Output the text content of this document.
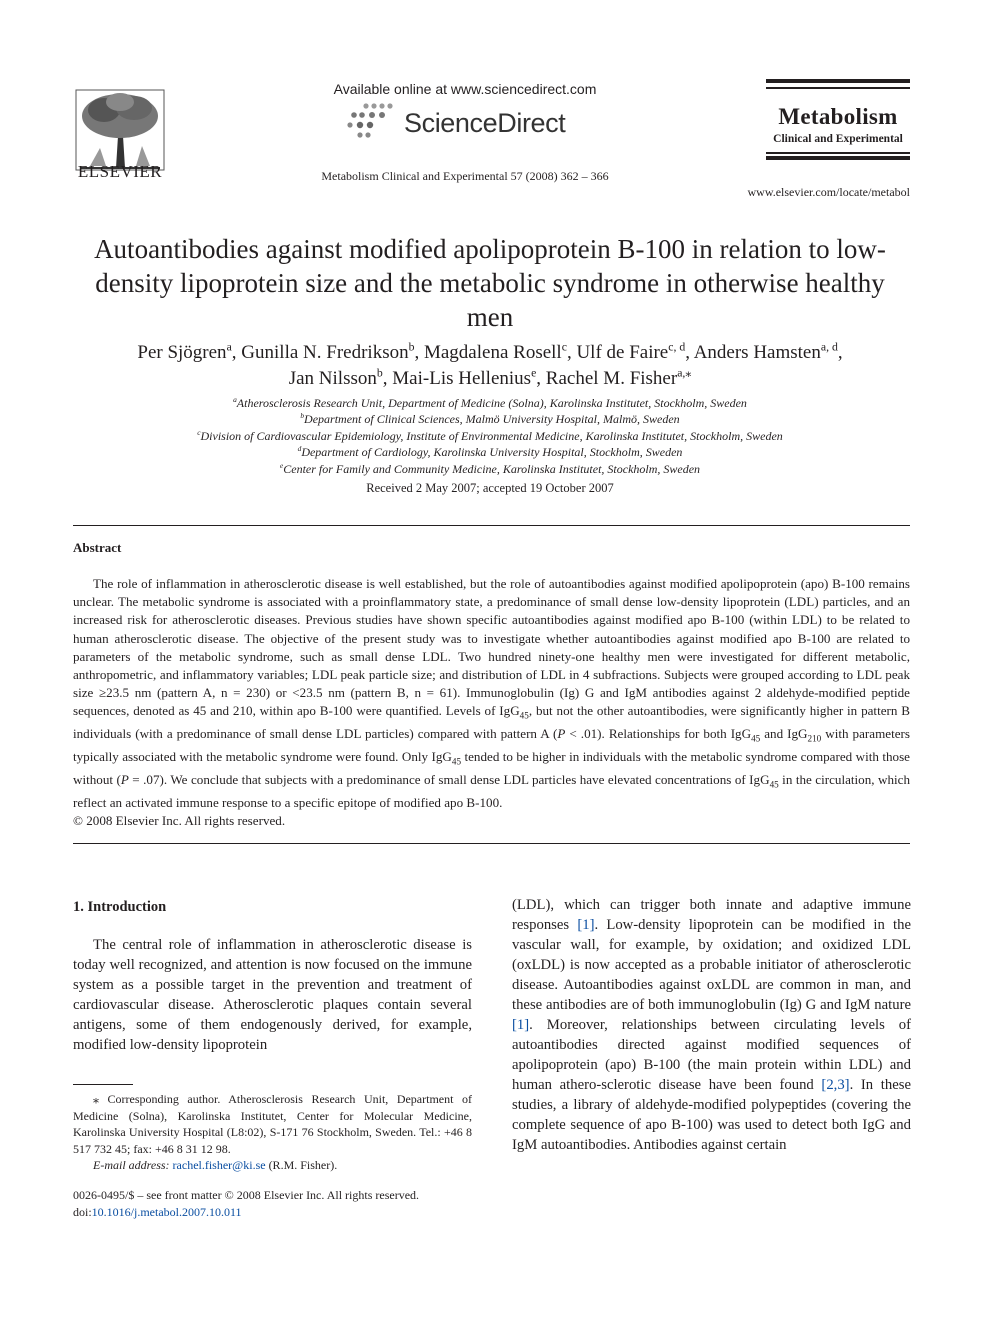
ELSEVIER
Available online at www.sciencedirect.com
ScienceDirect
Metabolism Clinical and Experimental 57 (2008) 362 – 366
Metabolism
Clinical and Experimental
www.elsevier.com/locate/metabol
Autoantibodies against modified apolipoprotein B-100 in relation to low-density lipoprotein size and the metabolic syndrome in otherwise healthy men
Per Sjögren$^a$, Gunilla N. Fredrikson$^b$, Magdalena Rosell$^c$, Ulf de Faire$^{c, d}$, Anders Hamsten$^{a, d}$,
Jan Nilsson$^b$, Mai-Lis Hellenius$^e$, Rachel M. Fisher$^{a,⁎}$
$^a$Atherosclerosis Research Unit, Department of Medicine (Solna), Karolinska Institutet, Stockholm, Sweden
$^b$Department of Clinical Sciences, Malmö University Hospital, Malmö, Sweden
$^c$Division of Cardiovascular Epidemiology, Institute of Environmental Medicine, Karolinska Institutet, Stockholm, Sweden
$^d$Department of Cardiology, Karolinska University Hospital, Stockholm, Sweden
$^e$Center for Family and Community Medicine, Karolinska Institutet, Stockholm, Sweden
Received 2 May 2007; accepted 19 October 2007
Abstract
The role of inflammation in atherosclerotic disease is well established, but the role of autoantibodies against modified apolipoprotein (apo) B-100 remains unclear. The metabolic syndrome is associated with a proinflammatory state, a predominance of small dense low-density lipoprotein (LDL) particles, and an increased risk for atherosclerotic diseases. Previous studies have shown specific autoantibodies against modified apo B-100 (within LDL) to be related to human atherosclerotic disease. The objective of the present study was to investigate whether autoantibodies against modified apo B-100 are related to parameters of the metabolic syndrome, such as small dense LDL. Two hundred ninety-one healthy men were investigated for different metabolic, anthropometric, and inflammatory variables; LDL peak particle size; and distribution of LDL in 4 subfractions. Subjects were grouped according to LDL peak size ≥23.5 nm (pattern A, n = 230) or <23.5 nm (pattern B, n = 61). Immunoglobulin (Ig) G and IgM antibodies against 2 aldehyde-modified peptide sequences, denoted as 45 and 210, within apo B-100 were quantified. Levels of IgG$_{45}$, but not the other autoantibodies, were significantly higher in pattern B individuals (with a predominance of small dense LDL particles) compared with pattern A (P < .01). Relationships for both IgG$_{45}$ and IgG$_{210}$ with parameters typically associated with the metabolic syndrome were found. Only IgG$_{45}$ tended to be higher in individuals with the metabolic syndrome compared with those without (P = .07). We conclude that subjects with a predominance of small dense LDL particles have elevated concentrations of IgG$_{45}$ in the circulation, which reflect an activated immune response to a specific epitope of modified apo B-100.
© 2008 Elsevier Inc. All rights reserved.
1. Introduction
The central role of inflammation in atherosclerotic disease is today well recognized, and attention is now focused on the immune system as a possible target in the prevention and treatment of cardiovascular disease. Atherosclerotic plaques contain several antigens, some of them endogenously derived, for example, modified low-density lipoprotein
(LDL), which can trigger both innate and adaptive immune responses [1]. Low-density lipoprotein can be modified in the vascular wall, for example, by oxidation; and oxidized LDL (oxLDL) is now accepted as a probable initiator of atherosclerotic disease. Autoantibodies against oxLDL are common in man, and these antibodies are of both immunoglobulin (Ig) G and IgM nature [1]. Moreover, relationships between circulating levels of autoantibodies directed against modified sequences of apolipoprotein (apo) B-100 (the main protein within LDL) and human athero-sclerotic disease have been found [2,3]. In these studies, a library of aldehyde-modified polypeptides (covering the complete sequence of apo B-100) was used to detect both IgG and IgM autoantibodies. Antibodies against certain
⁎ Corresponding author. Atherosclerosis Research Unit, Department of Medicine (Solna), Karolinska Institutet, Center for Molecular Medicine, Karolinska University Hospital (L8:02), S-171 76 Stockholm, Sweden. Tel.: +46 8 517 732 45; fax: +46 8 31 12 98.
E-mail address: rachel.fisher@ki.se (R.M. Fisher).
0026-0495/$ – see front matter © 2008 Elsevier Inc. All rights reserved.
doi:10.1016/j.metabol.2007.10.011
